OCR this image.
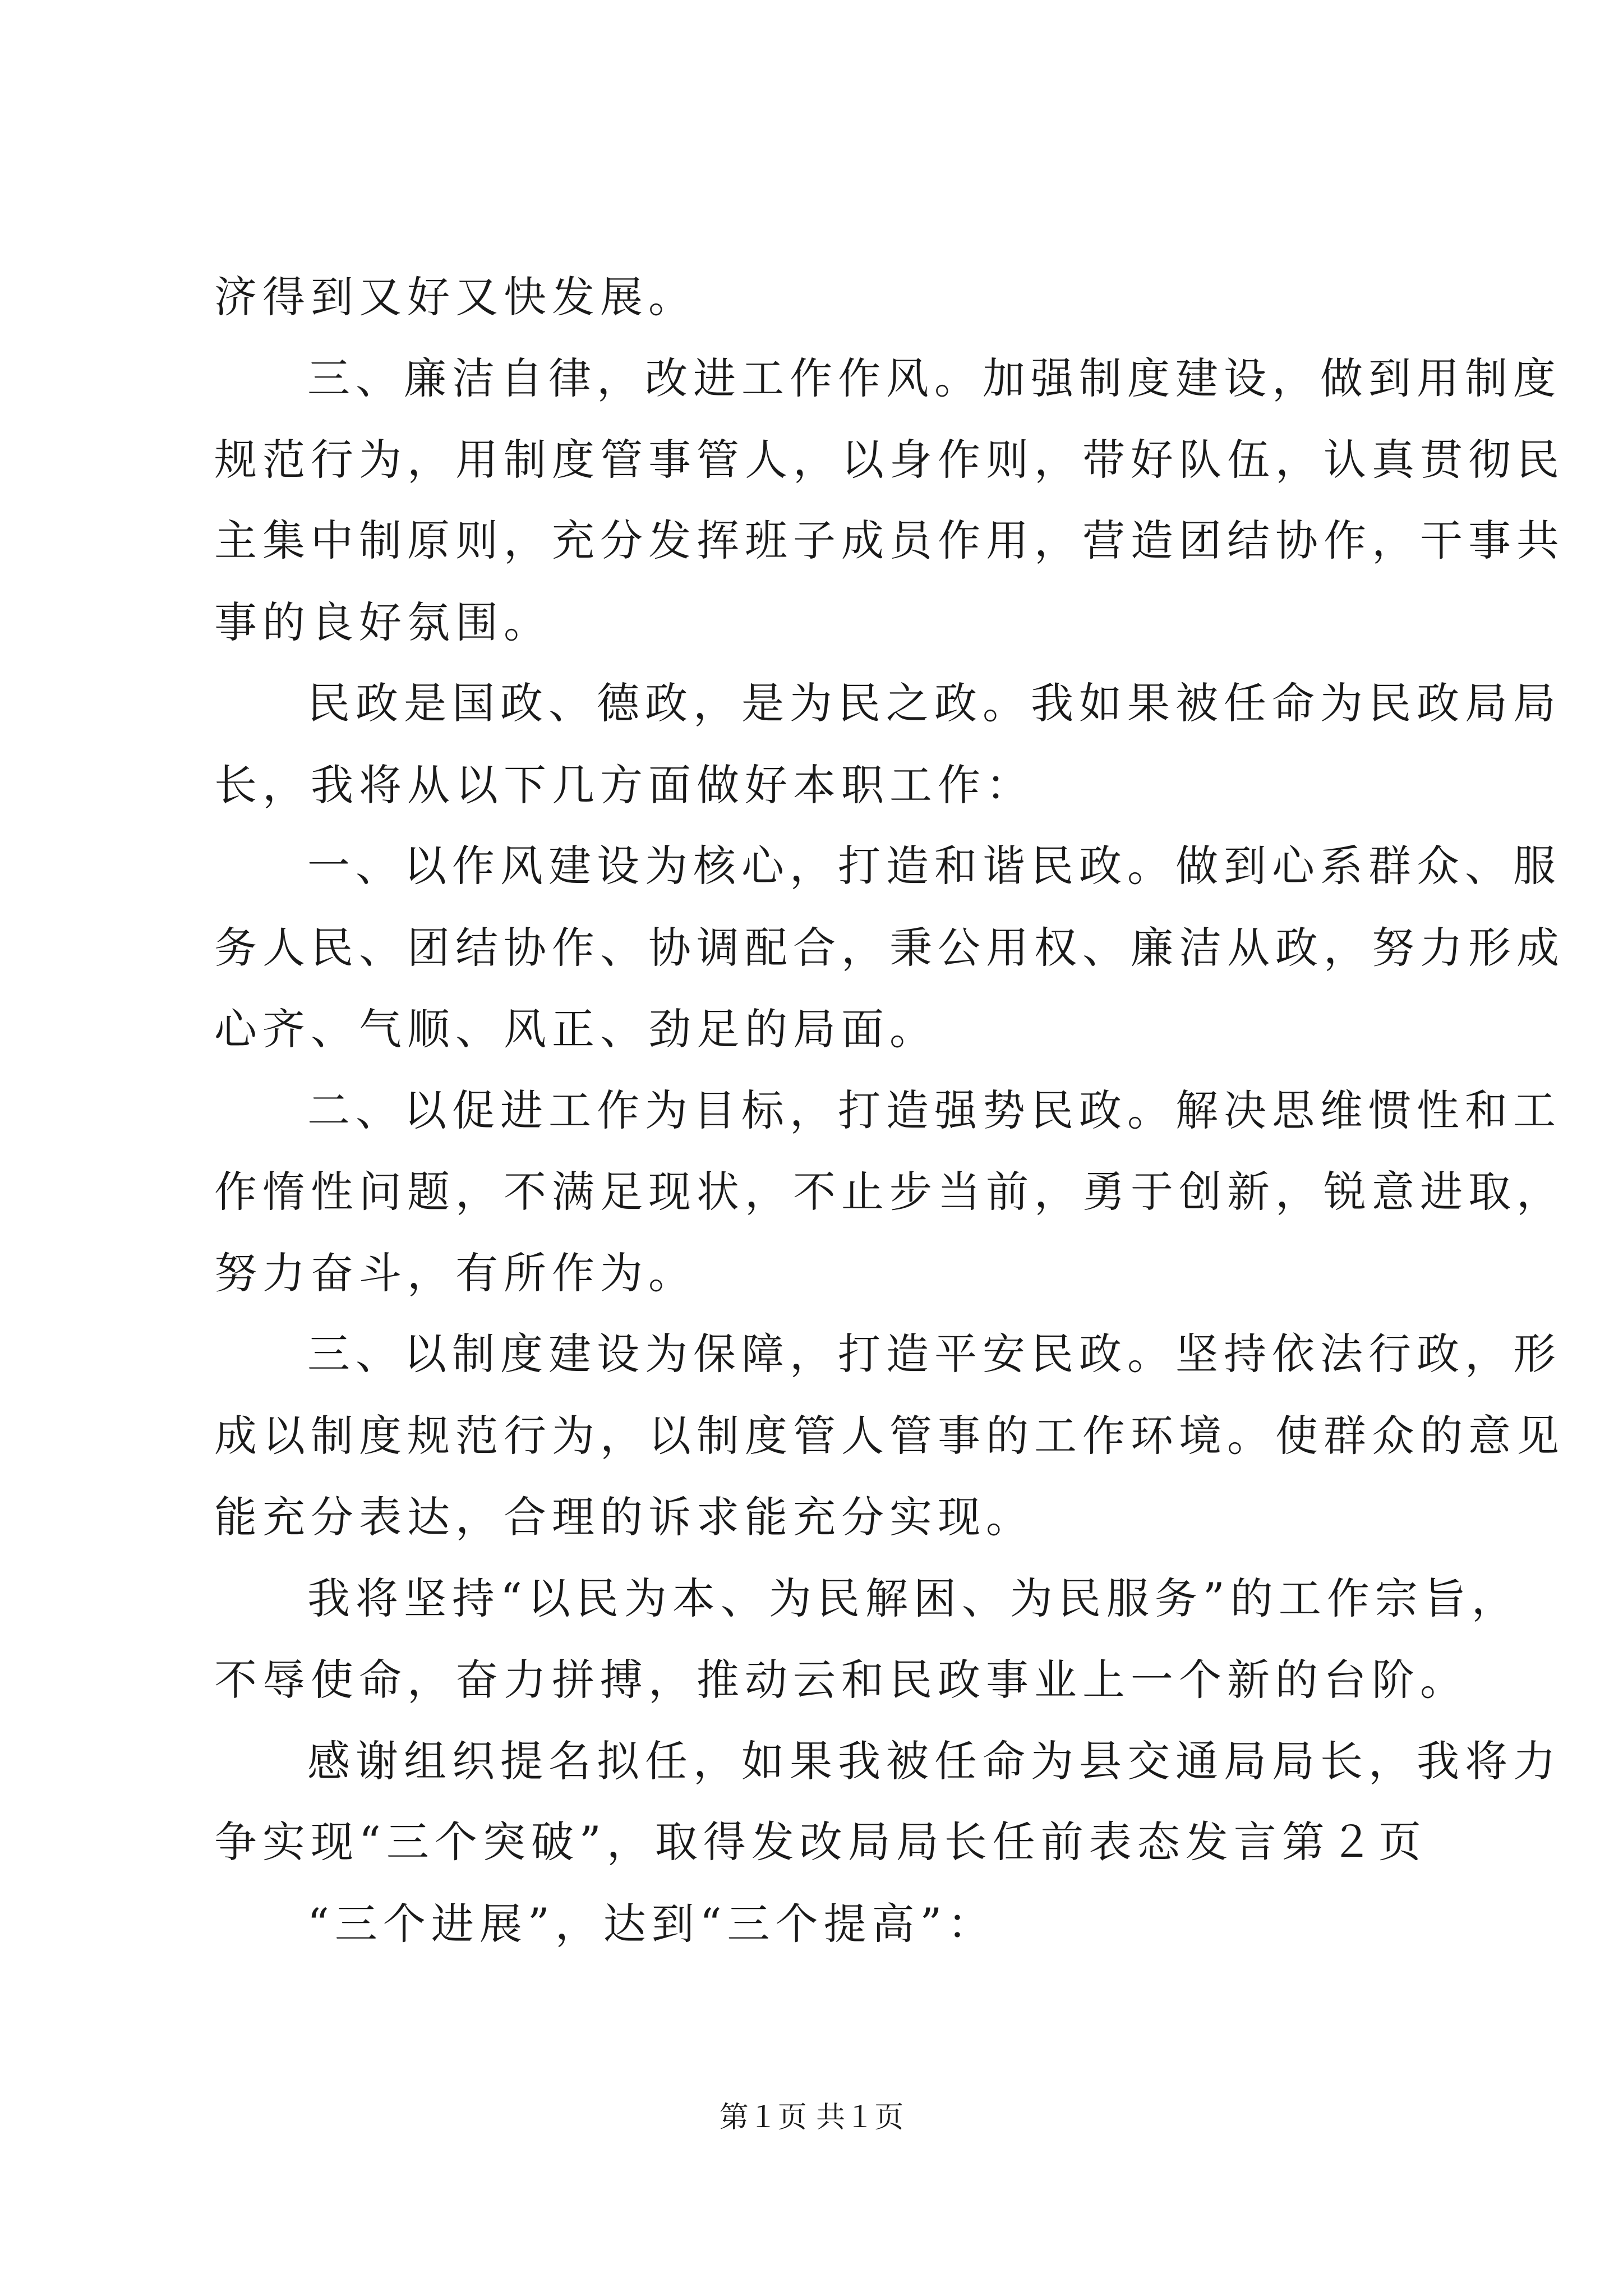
济得到又好又快发展。
三、廉洁自律，改进工作作风。加强制度建设，做到用制度
规范行为，用制度管事管人，以身作则，带好队伍，认真贯彻民
主集中制原则，充分发挥班子成员作用，营造团结协作，干事共
事的良好氛围。
民政是国政、德政，是为民之政。我如果被任命为民政局局
长，我将从以下几方面做好本职工作：
一、以作风建设为核心，打造和谐民政。做到心系群众、服
务人民、团结协作、协调配合，秉公用权、廉洁从政，努力形成
心齐、气顺、风正、劲足的局面。
二、以促进工作为目标，打造强势民政。解决思维惯性和工
作惰性问题，不满足现状，不止步当前，勇于创新，锐意进取，
努力奋斗，有所作为。
三、以制度建设为保障，打造平安民政。坚持依法行政，形
成以制度规范行为，以制度管人管事的工作环境。使群众的意见
能充分表达，合理的诉求能充分实现。
我将坚持“以民为本、为民解困、为民服务”的工作宗旨，
不辱使命，奋力拼搏，推动云和民政事业上一个新的台阶。
感谢组织提名拟任，如果我被任命为县交通局局长，我将力
争实现“三个突破”，取得发改局局长任前表态发言第２页
“三个进展”，达到“三个提高”：
第１页 共１页
